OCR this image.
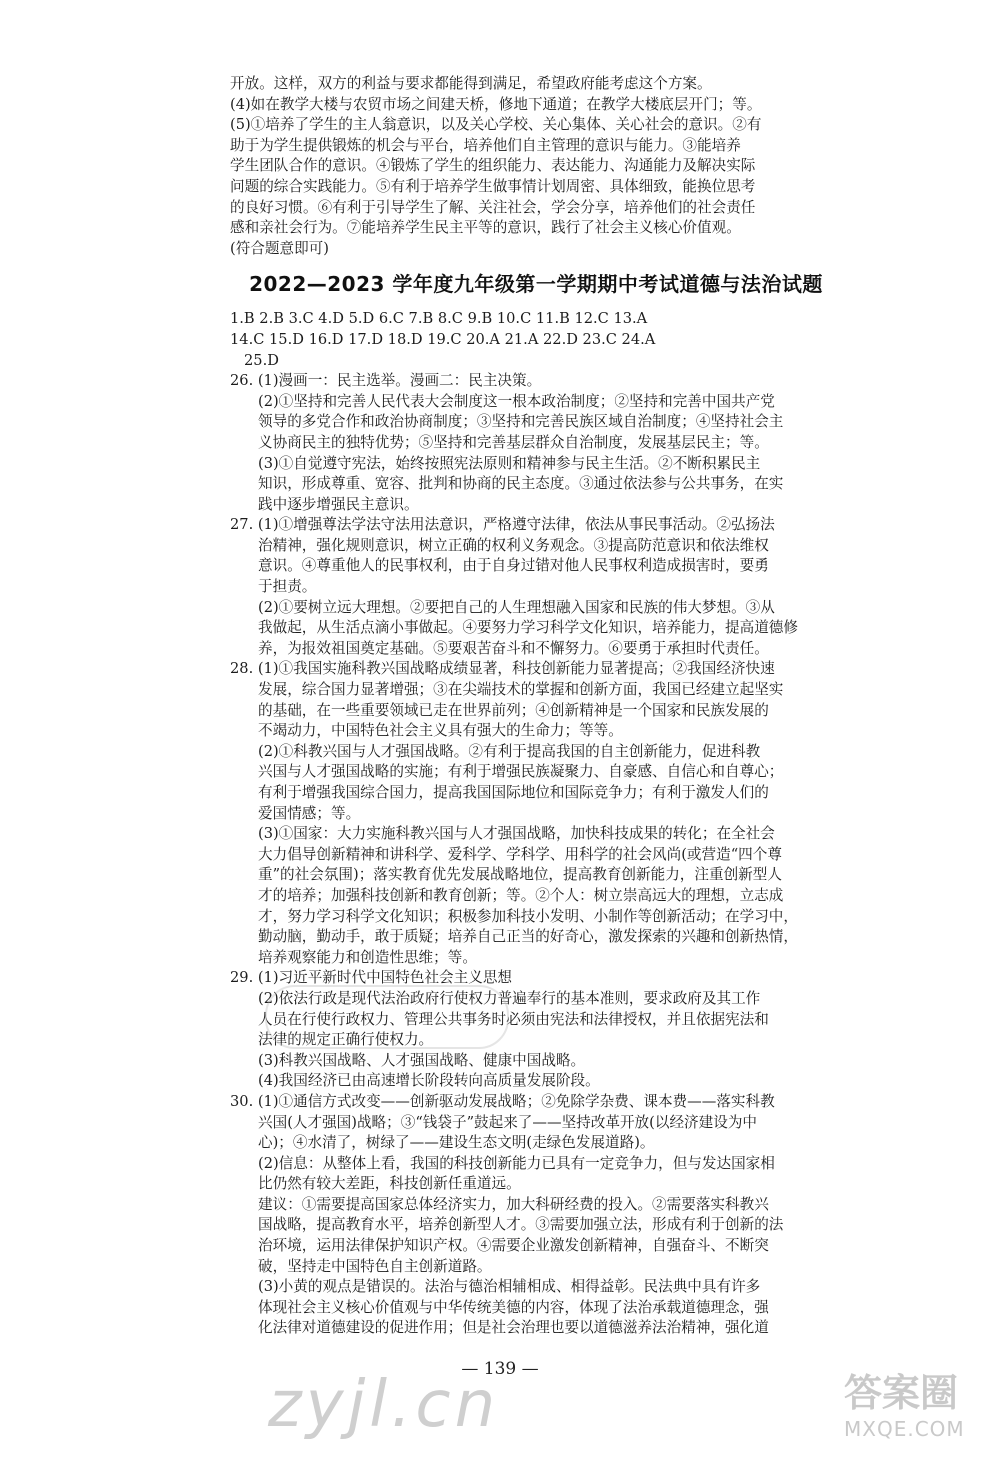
开放。这样，双方的利益与要求都能得到满足，希望政府能考虑这个方案。
(4)如在教学大楼与农贸市场之间建天桥，修地下通道；在教学大楼底层开门；等。
(5)①培养了学生的主人翁意识，以及关心学校、关心集体、关心社会的意识。②有
助于为学生提供锻炼的机会与平台，培养他们自主管理的意识与能力。③能培养
学生团队合作的意识。④锻炼了学生的组织能力、表达能力、沟通能力及解决实际
问题的综合实践能力。⑤有利于培养学生做事情计划周密、具体细致，能换位思考
的良好习惯。⑥有利于引导学生了解、关注社会，学会分享，培养他们的社会责任
感和亲社会行为。⑦能培养学生民主平等的意识，践行了社会主义核心价值观。
(符合题意即可)
2022—2023 学年度九年级第一学期期中考试道德与法治试题
1.B 2.B 3.C 4.D 5.D 6.C 7.B 8.C 9.B 10.C 11.B 12.C 13.A
14.C 15.D 16.D 17.D 18.D 19.C 20.A 21.A 22.D 23.C 24.A
25.D
26. (1)漫画一：民主选举。漫画二：民主决策。
(2)①坚持和完善人民代表大会制度这一根本政治制度；②坚持和完善中国共产党
领导的多党合作和政治协商制度；③坚持和完善民族区域自治制度；④坚持社会主
义协商民主的独特优势；⑤坚持和完善基层群众自治制度，发展基层民主；等。
(3)①自觉遵守宪法，始终按照宪法原则和精神参与民主生活。②不断积累民主
知识，形成尊重、宽容、批判和协商的民主态度。③通过依法参与公共事务，在实
践中逐步增强民主意识。
27. (1)①增强尊法学法守法用法意识，严格遵守法律，依法从事民事活动。②弘扬法
治精神，强化规则意识，树立正确的权利义务观念。③提高防范意识和依法维权
意识。④尊重他人的民事权利，由于自身过错对他人民事权利造成损害时，要勇
于担责。
(2)①要树立远大理想。②要把自己的人生理想融入国家和民族的伟大梦想。③从
我做起，从生活点滴小事做起。④要努力学习科学文化知识，培养能力，提高道德修
养，为报效祖国奠定基础。⑤要艰苦奋斗和不懈努力。⑥要勇于承担时代责任。
28. (1)①我国实施科教兴国战略成绩显著，科技创新能力显著提高；②我国经济快速
发展，综合国力显著增强；③在尖端技术的掌握和创新方面，我国已经建立起坚实
的基础，在一些重要领域已走在世界前列；④创新精神是一个国家和民族发展的
不竭动力，中国特色社会主义具有强大的生命力；等等。
(2)①科教兴国与人才强国战略。②有利于提高我国的自主创新能力，促进科教
兴国与人才强国战略的实施；有利于增强民族凝聚力、自豪感、自信心和自尊心；
有利于增强我国综合国力，提高我国国际地位和国际竞争力；有利于激发人们的
爱国情感；等。
(3)①国家：大力实施科教兴国与人才强国战略，加快科技成果的转化；在全社会
大力倡导创新精神和讲科学、爱科学、学科学、用科学的社会风尚(或营造“四个尊
重”的社会氛围)；落实教育优先发展战略地位，提高教育创新能力，注重创新型人
才的培养；加强科技创新和教育创新；等。②个人：树立崇高远大的理想，立志成
才，努力学习科学文化知识；积极参加科技小发明、小制作等创新活动；在学习中，
勤动脑，勤动手，敢于质疑；培养自己正当的好奇心，激发探索的兴趣和创新热情，
培养观察能力和创造性思维；等。
29. (1)习近平新时代中国特色社会主义思想
(2)依法行政是现代法治政府行使权力普遍奉行的基本准则，要求政府及其工作
人员在行使行政权力、管理公共事务时必须由宪法和法律授权，并且依据宪法和
法律的规定正确行使权力。
(3)科教兴国战略、人才强国战略、健康中国战略。
(4)我国经济已由高速增长阶段转向高质量发展阶段。
30. (1)①通信方式改变——创新驱动发展战略；②免除学杂费、课本费——落实科教
兴国(人才强国)战略；③“钱袋子”鼓起来了——坚持改革开放(以经济建设为中
心)；④水清了，树绿了——建设生态文明(走绿色发展道路)。
(2)信息：从整体上看，我国的科技创新能力已具有一定竞争力，但与发达国家相
比仍然有较大差距，科技创新任重道远。
建议：①需要提高国家总体经济实力，加大科研经费的投入。②需要落实科教兴
国战略，提高教育水平，培养创新型人才。③需要加强立法，形成有利于创新的法
治环境，运用法律保护知识产权。④需要企业激发创新精神，自强奋斗、不断突
破，坚持走中国特色自主创新道路。
(3)小黄的观点是错误的。法治与德治相辅相成、相得益彰。民法典中具有许多
体现社会主义核心价值观与中华传统美德的内容，体现了法治承载道德理念，强
化法律对道德建设的促进作用；但是社会治理也要以道德滋养法治精神，强化道
— 139 —
zyjl.cn	答案圈
MXQE.COM
